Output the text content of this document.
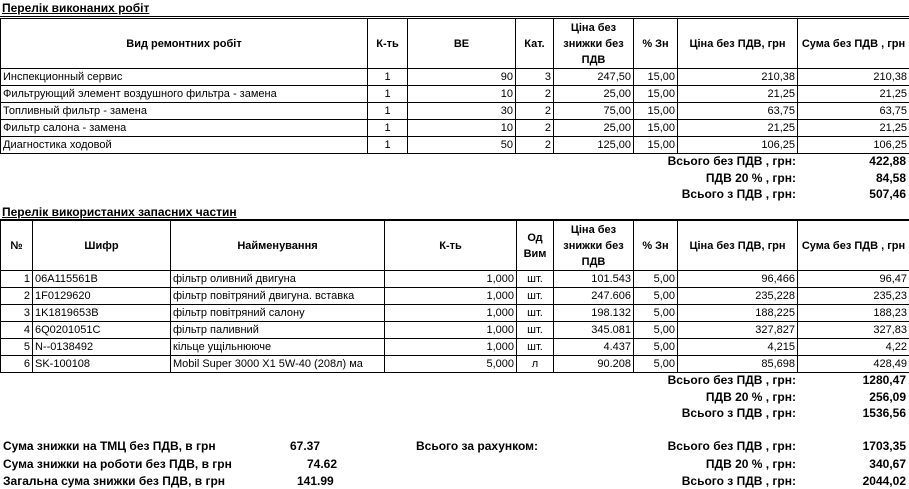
Перелік виконаних робіт
Вид ремонтних робіт	К-ть	ВЕ	Кат.	Ціна без знижки без ПДВ	% Зн	Ціна без ПДВ, грн	Сума без ПДВ , грн
Инспекционный сервис	1	90	3	247,50	15,00	210,38	210,38
Фильтрующий элемент воздушного фильтра - замена	1	10	2	25,00	15,00	21,25	21,25
Топливный фильтр - замена	1	30	2	75,00	15,00	63,75	63,75
Фильтр салона - замена	1	10	2	25,00	15,00	21,25	21,25
Диагностика ходовой	1	50	2	125,00	15,00	106,25	106,25
Всього без ПДВ , грн:	422,88
ПДВ 20 % , грн:	84,58
Всього з ПДВ , грн:	507,46
Перелік використаних запасних частин
№	Шифр	Найменування	К-ть	Од Вим	Ціна без знижки без ПДВ	% Зн	Ціна без ПДВ, грн	Сума без ПДВ , грн
1	06A115561B	фільтр оливний двигуна	1,000	шт.	101.543	5,00	96,466	96,47
2	1F0129620	фільтр повітряний двигуна. вставка	1,000	шт.	247.606	5,00	235,228	235,23
3	1K1819653B	фільтр повітряний салону	1,000	шт.	198.132	5,00	188,225	188,23
4	6Q0201051C	фільтр паливний	1,000	шт.	345.081	5,00	327,827	327,83
5	N--0138492	кільце ущільнююче	1,000	шт.	4.437	5,00	4,215	4,22
6	SK-100108	Mobil Super 3000 X1 5W-40 (208л) ма	5,000	л	90.208	5,00	85,698	428,49
Всього без ПДВ , грн:	1280,47
ПДВ 20 % , грн:	256,09
Всього з ПДВ , грн:	1536,56
Сума знижки на ТМЦ без ПДВ, в грн	67.37
Сума знижки на роботи без ПДВ, в грн	74.62
Загальна сума знижки без ПДВ, в грн	141.99
Всього за рахунком:	Всього без ПДВ , грн:	1703,35
ПДВ 20 % , грн:	340,67
Всього з ПДВ , грн:	2044,02
